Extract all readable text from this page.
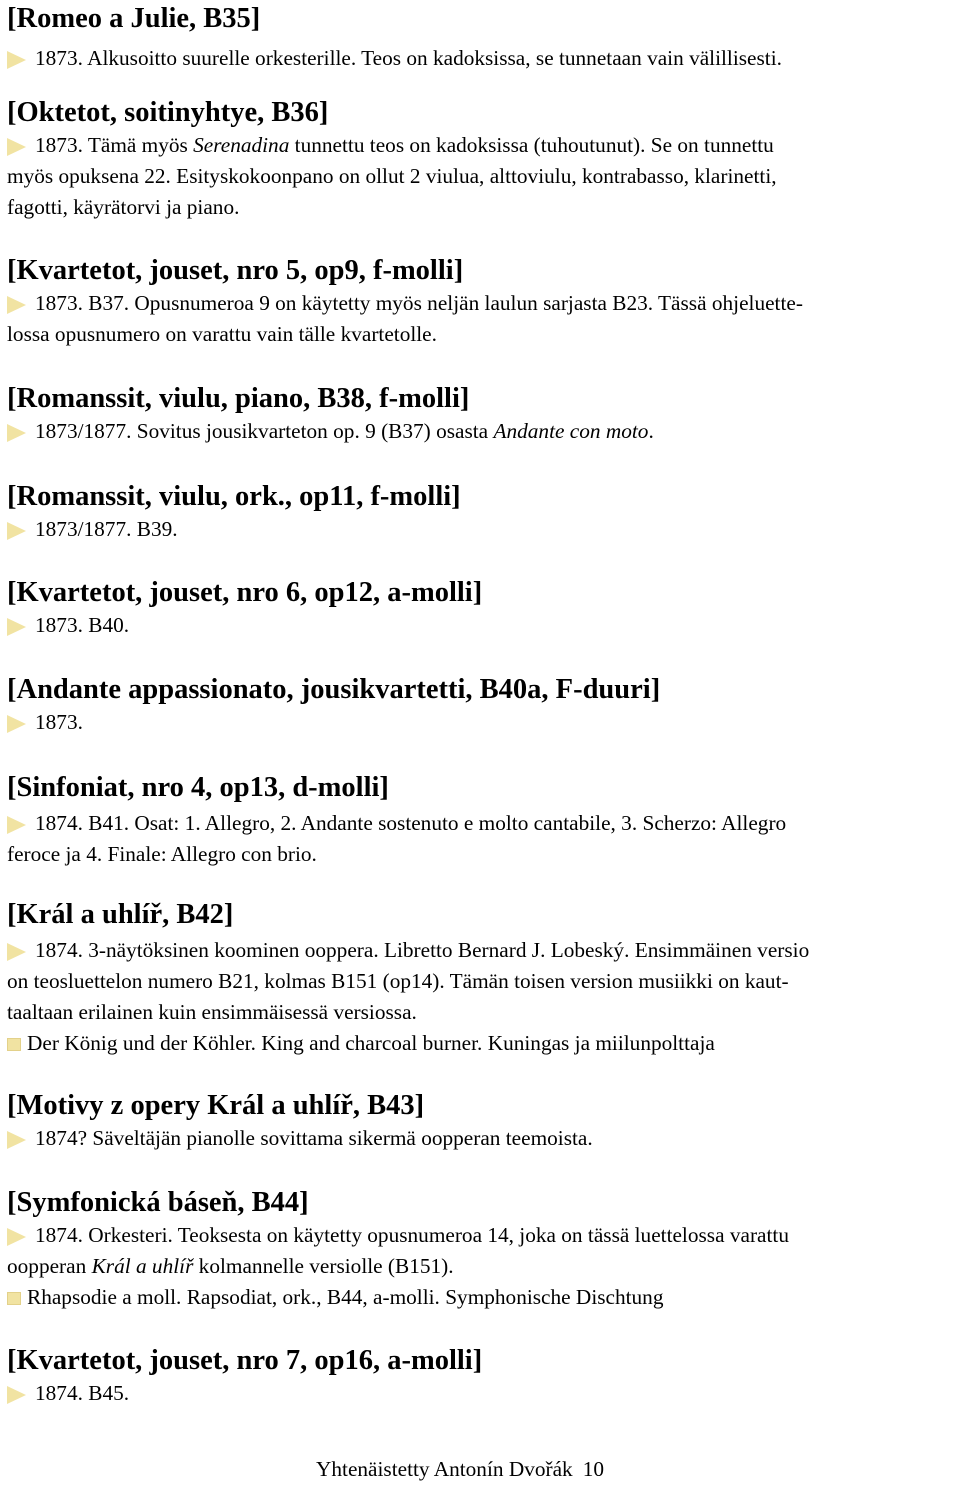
[Romeo a Julie, B35]

1873. Alkusoitto suurelle orkesterille. Teos on kadoksissa, se tunnetaan vain välillisesti.

[Oktetot, soitinyhtye, B36]

1873. Tämä myös Serenadina tunnettu teos on kadoksissa (tuhoutunut). Se on tunnettu
myös opuksena 22. Esityskokoonpano on ollut 2 viulua, alttoviulu, kontrabasso, klarinetti,
fagotti, käyrätorvi ja piano.

[Kvartetot, jouset, nro 5, op9, f-molli]

1873. B37. Opusnumeroa 9 on käytetty myös neljän laulun sarjasta B23. Tässä ohjeluette-
lossa opusnumero on varattu vain tälle kvartetolle.

[Romanssit, viulu, piano, B38, f-molli]

1873/1877. Sovitus jousikvarteton op. 9 (B37) osasta Andante con moto.

[Romanssit, viulu, ork., op11, f-molli]

1873/1877. B39.

[Kvartetot, jouset, nro 6, op12, a-molli]

1873. B40.

[Andante appassionato, jousikvartetti, B40a, F-duuri]

1873.

[Sinfoniat, nro 4, op13, d-molli]

1874. B41. Osat: 1. Allegro, 2. Andante sostenuto e molto cantabile, 3. Scherzo: Allegro
feroce ja 4. Finale: Allegro con brio.

[Král a uhlíř, B42]

1874. 3-näytöksinen koominen ooppera. Libretto Bernard J. Lobeský. Ensimmäinen versio
on teosluettelon numero B21, kolmas B151 (op14). Tämän toisen version musiikki on kaut-
taaltaan erilainen kuin ensimmäisessä versiossa.
Der König und der Köhler. King and charcoal burner. Kuningas ja miilunpolttaja

[Motivy z opery Král a uhlíř, B43]

1874? Säveltäjän pianolle sovittama sikermä oopperan teemoista.

[Symfonická báseň, B44]

1874. Orkesteri. Teoksesta on käytetty opusnumeroa 14, joka on tässä luettelossa varattu
oopperan Král a uhlíř kolmannelle versiolle (B151).
Rhapsodie a moll. Rapsodiat, ork., B44, a-molli. Symphonische Dischtung

[Kvartetot, jouset, nro 7, op16, a-molli]

1874. B45.

Yhtenäistetty Antonín Dvořák 10
